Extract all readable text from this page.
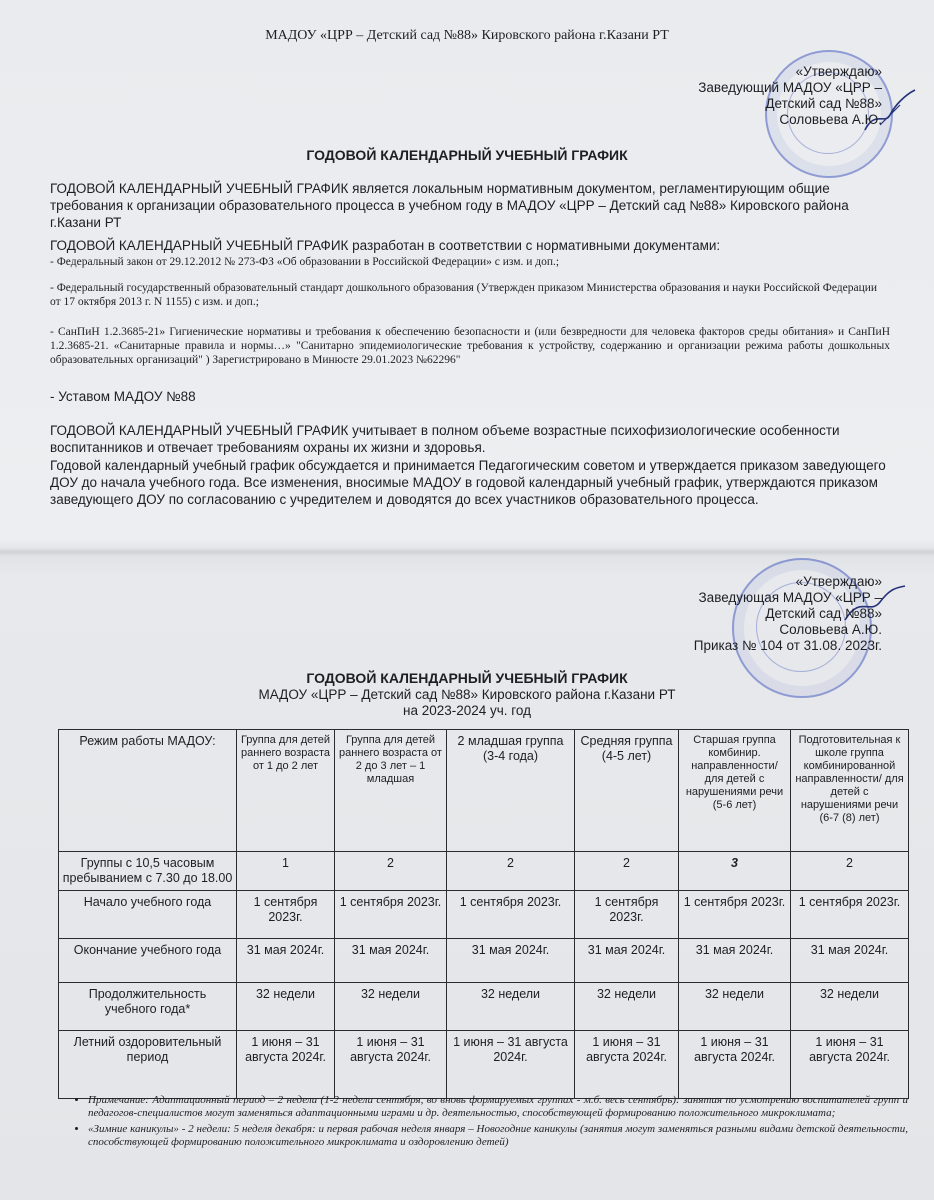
МАДОУ «ЦРР – Детский сад №88» Кировского района г.Казани РТ
«Утверждаю»
Заведующий МАДОУ «ЦРР –
Детский сад №88»
Соловьева А.Ю.
ГОДОВОЙ КАЛЕНДАРНЫЙ УЧЕБНЫЙ ГРАФИК
ГОДОВОЙ КАЛЕНДАРНЫЙ УЧЕБНЫЙ ГРАФИК является локальным нормативным документом, регламентирующим общие требования к организации образовательного процесса в учебном году в МАДОУ «ЦРР – Детский сад №88» Кировского района г.Казани РТ
ГОДОВОЙ КАЛЕНДАРНЫЙ УЧЕБНЫЙ ГРАФИК разработан в соответствии с нормативными документами:
- Федеральный закон от 29.12.2012 № 273-ФЗ «Об образовании в Российской Федерации» с изм. и доп.;
- Федеральный государственный образовательный стандарт дошкольного образования (Утвержден приказом Министерства образования и науки Российской Федерации от 17 октября 2013 г. N 1155) с изм. и доп.;
- СанПиН 1.2.3685-21» Гигиенические нормативы и требования к обеспечению безопасности и (или безвредности для человека факторов среды обитания» и СанПиН 1.2.3685-21. «Санитарные правила и нормы…» "Санитарно эпидемиологические требования к устройству, содержанию и организации режима работы дошкольных образовательных организаций" ) Зарегистрировано в Минюсте 29.01.2023 №62296"
- Уставом МАДОУ №88
ГОДОВОЙ КАЛЕНДАРНЫЙ УЧЕБНЫЙ ГРАФИК учитывает в полном объеме возрастные психофизиологические особенности воспитанников и отвечает требованиям охраны их жизни и здоровья.
Годовой календарный учебный график обсуждается и принимается Педагогическим советом и утверждается приказом заведующего ДОУ до начала учебного года. Все изменения, вносимые МАДОУ в годовой календарный учебный график, утверждаются приказом заведующего ДОУ по согласованию с учредителем и доводятся до всех участников образовательного процесса.
«Утверждаю»
Заведующая МАДОУ «ЦРР –
Детский сад №88»
Соловьева А.Ю.
Приказ № 104 от 31.08. 2023г.
ГОДОВОЙ КАЛЕНДАРНЫЙ УЧЕБНЫЙ ГРАФИК
МАДОУ «ЦРР – Детский сад №88» Кировского района г.Казани РТ
на 2023-2024 уч. год
Режим работы МАДОУ:	Группа для детей раннего возраста от 1 до 2 лет	Группа для детей раннего возраста от 2 до 3 лет – 1 младшая	2 младшая группа (3-4 года)	Средняя группа (4-5 лет)	Старшая группа комбинир. направленности/ для детей с нарушениями речи (5-6 лет)	Подготовительная к школе группа комбинированной направленности/ для детей с нарушениями речи (6-7 (8) лет)
Группы с 10,5 часовым пребыванием с 7.30 до 18.00	1	2	2	2	3	2
Начало учебного года	1 сентября 2023г.	1 сентября 2023г.	1 сентября 2023г.	1 сентября 2023г.	1 сентября 2023г.	1 сентября 2023г.
Окончание учебного года	31 мая 2024г.	31 мая 2024г.	31 мая 2024г.	31 мая 2024г.	31 мая 2024г.	31 мая 2024г.
Продолжительность учебного года*	32 недели	32 недели	32 недели	32 недели	32 недели	32 недели
Летний оздоровительный период	1 июня – 31 августа 2024г.	1 июня – 31 августа 2024г.	1 июня – 31 августа 2024г.	1 июня – 31 августа 2024г.	1 июня – 31 августа 2024г.	1 июня – 31 августа 2024г.
• Примечание: Адаптационный период – 2 недели (1-2 недели сентября, во вновь формируемых группах - м.б. весь сентябрь): занятия по усмотрению воспитателей групп и педагогов-специалистов могут заменяться адаптационными играми и др. деятельностью, способствующей формированию положительного микроклимата;
• «Зимние каникулы» - 2 недели: 5 неделя декабря: и первая рабочая неделя января – Новогодние каникулы (занятия могут заменяться разными видами детской деятельности, способствующей формированию положительного микроклимата и оздоровлению детей)
